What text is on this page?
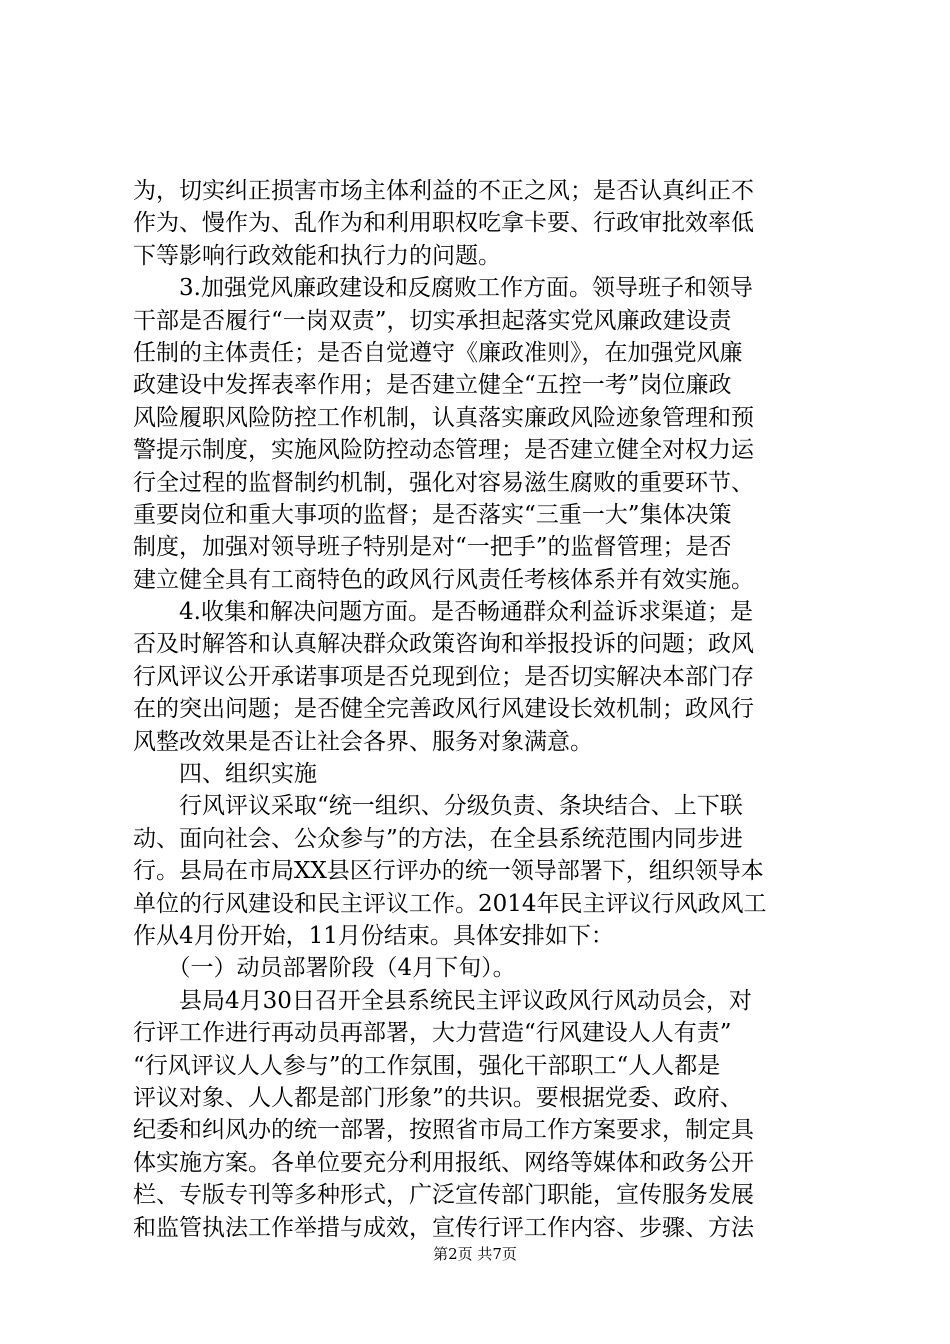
为，切实纠正损害市场主体利益的不正之风；是否认真纠正不
作为、慢作为、乱作为和利用职权吃拿卡要、行政审批效率低
下等影响行政效能和执行力的问题。
　　3.加强党风廉政建设和反腐败工作方面。领导班子和领导
干部是否履行“一岗双责”，切实承担起落实党风廉政建设责
任制的主体责任；是否自觉遵守《廉政准则》，在加强党风廉
政建设中发挥表率作用；是否建立健全“五控一考”岗位廉政
风险履职风险防控工作机制，认真落实廉政风险迹象管理和预
警提示制度，实施风险防控动态管理；是否建立健全对权力运
行全过程的监督制约机制，强化对容易滋生腐败的重要环节、
重要岗位和重大事项的监督；是否落实“三重一大”集体决策
制度，加强对领导班子特别是对“一把手”的监督管理；是否
建立健全具有工商特色的政风行风责任考核体系并有效实施。
　　4.收集和解决问题方面。是否畅通群众利益诉求渠道；是
否及时解答和认真解决群众政策咨询和举报投诉的问题；政风
行风评议公开承诺事项是否兑现到位；是否切实解决本部门存
在的突出问题；是否健全完善政风行风建设长效机制；政风行
风整改效果是否让社会各界、服务对象满意。
　　四、组织实施
　　行风评议采取“统一组织、分级负责、条块结合、上下联
动、面向社会、公众参与”的方法，在全县系统范围内同步进
行。县局在市局XX县区行评办的统一领导部署下，组织领导本
单位的行风建设和民主评议工作。2014年民主评议行风政风工
作从4月份开始，11月份结束。具体安排如下：
　　（一）动员部署阶段（4月下旬）。
　　县局4月30日召开全县系统民主评议政风行风动员会，对
行评工作进行再动员再部署，大力营造“行风建设人人有责”
“行风评议人人参与”的工作氛围，强化干部职工“人人都是
评议对象、人人都是部门形象”的共识。要根据党委、政府、
纪委和纠风办的统一部署，按照省市局工作方案要求，制定具
体实施方案。各单位要充分利用报纸、网络等媒体和政务公开
栏、专版专刊等多种形式，广泛宣传部门职能，宣传服务发展
和监管执法工作举措与成效，宣传行评工作内容、步骤、方法
第2页 共7页
